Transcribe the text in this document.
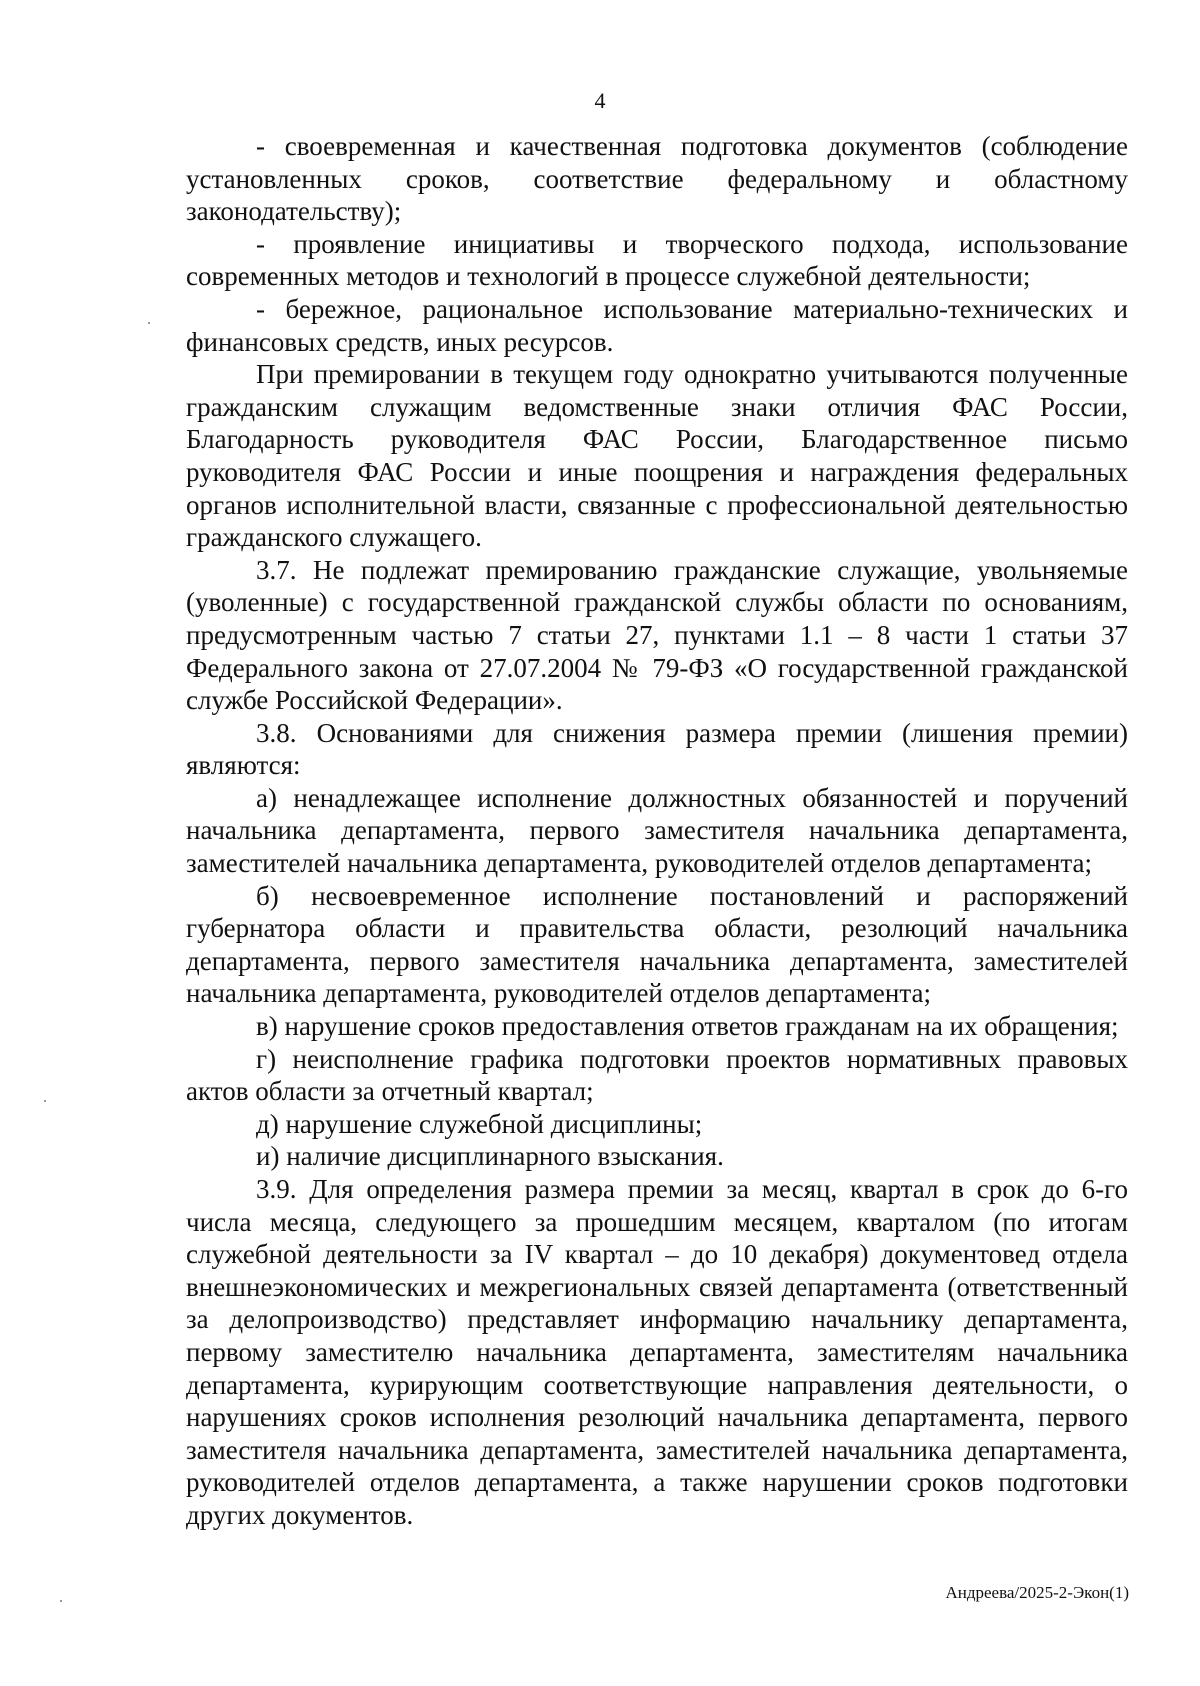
4

- своевременная и качественная подготовка документов (соблюдение установленных сроков, соответствие федеральному и областному законодательству);

- проявление инициативы и творческого подхода, использование современных методов и технологий в процессе служебной деятельности;

- бережное, рациональное использование материально-технических и финансовых средств, иных ресурсов.

При премировании в текущем году однократно учитываются полученные гражданским служащим ведомственные знаки отличия ФАС России, Благодарность руководителя ФАС России, Благодарственное письмо руководителя ФАС России и иные поощрения и награждения федеральных органов исполнительной власти, связанные с профессиональной деятельностью гражданского служащего.

3.7. Не подлежат премированию гражданские служащие, увольняемые (уволенные) с государственной гражданской службы области по основаниям, предусмотренным частью 7 статьи 27, пунктами 1.1 – 8 части 1 статьи 37 Федерального закона от 27.07.2004 № 79-ФЗ «О государственной гражданской службе Российской Федерации».

3.8. Основаниями для снижения размера премии (лишения премии) являются:

а) ненадлежащее исполнение должностных обязанностей и поручений начальника департамента, первого заместителя начальника департамента, заместителей начальника департамента, руководителей отделов департамента;

б) несвоевременное исполнение постановлений и распоряжений губернатора области и правительства области, резолюций начальника департамента, первого заместителя начальника департамента, заместителей начальника департамента, руководителей отделов департамента;

в) нарушение сроков предоставления ответов гражданам на их обращения;

г) неисполнение графика подготовки проектов нормативных правовых актов области за отчетный квартал;

д) нарушение служебной дисциплины;

и) наличие дисциплинарного взыскания.

3.9. Для определения размера премии за месяц, квартал в срок до 6-го числа месяца, следующего за прошедшим месяцем, кварталом (по итогам служебной деятельности за IV квартал – до 10 декабря) документовед отдела внешнеэкономических и межрегиональных связей департамента (ответственный за делопроизводство) представляет информацию начальнику департамента, первому заместителю начальника департамента, заместителям начальника департамента, курирующим соответствующие направления деятельности, о нарушениях сроков исполнения резолюций начальника департамента, первого заместителя начальника департамента, заместителей начальника департамента, руководителей отделов департамента, а также нарушении сроков подготовки других документов.

Андреева/2025-2-Экон(1)
